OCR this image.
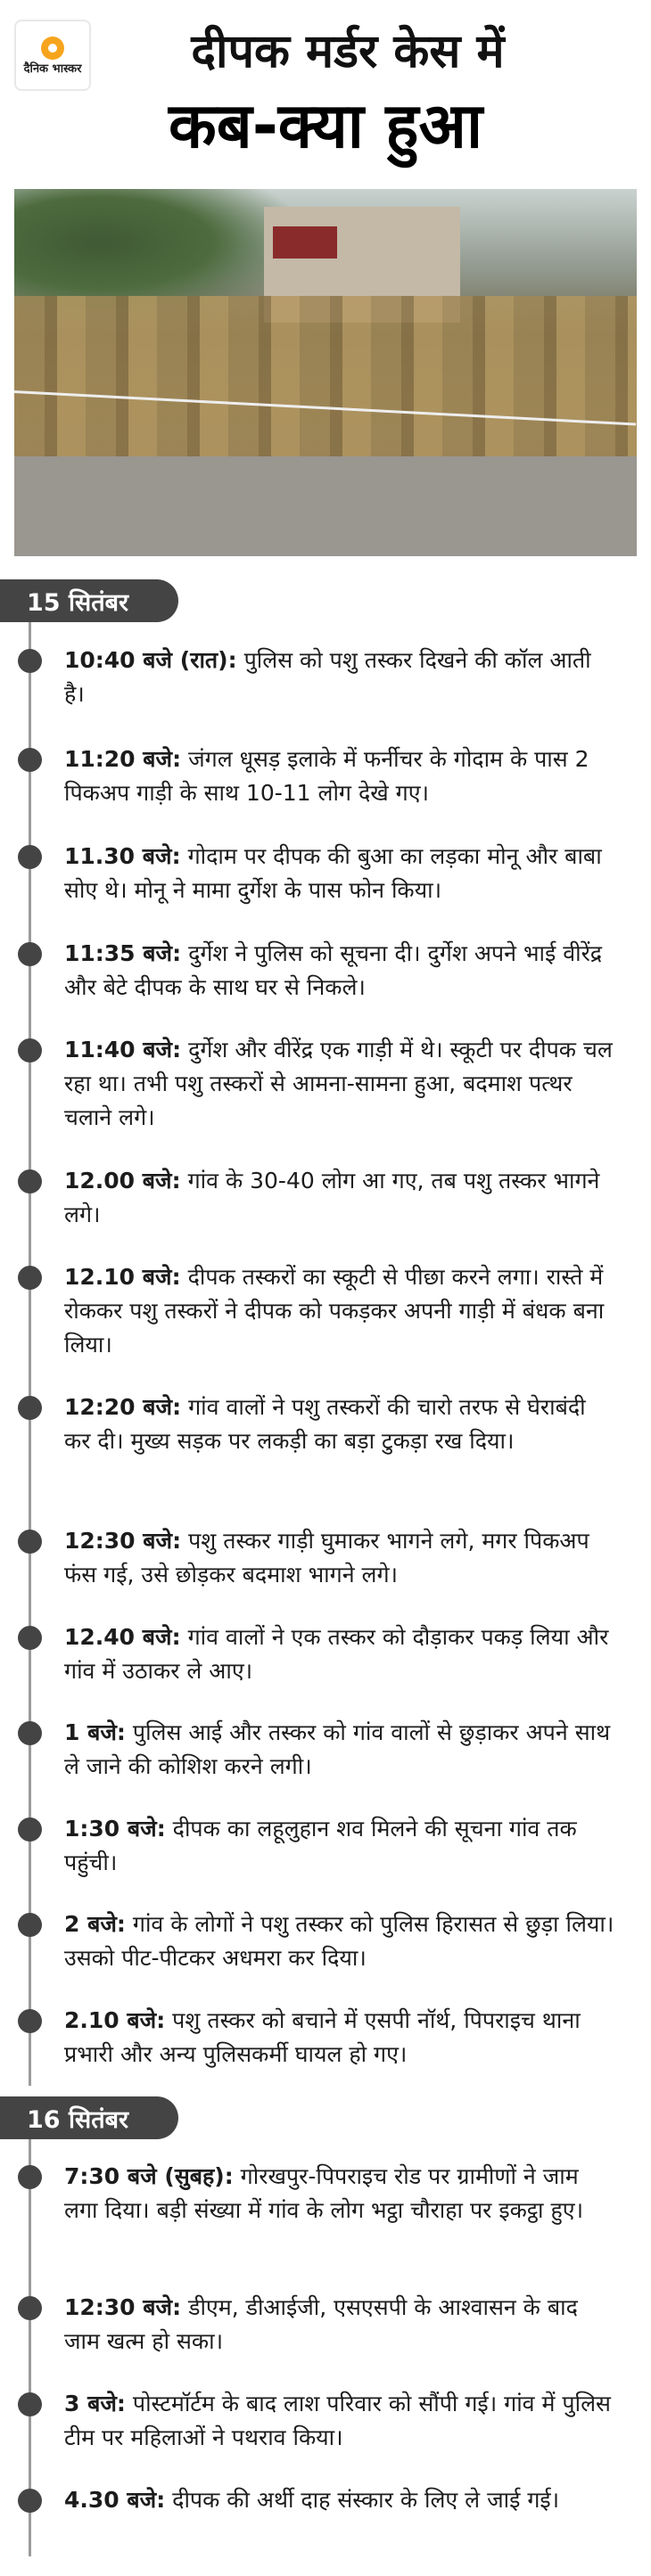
दैनिक भास्कर	दीपक मर्डर केस में
कब-क्या हुआ
15 सितंबर
10:40 बजे (रात): पुलिस को पशु तस्कर दिखने की कॉल आती है।
11:20 बजे: जंगल धूसड़ इलाके में फर्नीचर के गोदाम के पास 2 पिकअप गाड़ी के साथ 10-11 लोग देखे गए।
11.30 बजे: गोदाम पर दीपक की बुआ का लड़का मोनू और बाबा सोए थे। मोनू ने मामा दुर्गेश के पास फोन किया।
11:35 बजे: दुर्गेश ने पुलिस को सूचना दी। दुर्गेश अपने भाई वीरेंद्र और बेटे दीपक के साथ घर से निकले।
11:40 बजे: दुर्गेश और वीरेंद्र एक गाड़ी में थे। स्कूटी पर दीपक चल रहा था। तभी पशु तस्करों से आमना-सामना हुआ, बदमाश पत्थर चलाने लगे।
12.00 बजे: गांव के 30-40 लोग आ गए, तब पशु तस्कर भागने लगे।
12.10 बजे: दीपक तस्करों का स्कूटी से पीछा करने लगा। रास्ते में रोककर पशु तस्करों ने दीपक को पकड़कर अपनी गाड़ी में बंधक बना लिया।
12:20 बजे: गांव वालों ने पशु तस्करों की चारो तरफ से घेराबंदी कर दी। मुख्य सड़क पर लकड़ी का बड़ा टुकड़ा रख दिया।
12:30 बजे: पशु तस्कर गाड़ी घुमाकर भागने लगे, मगर पिकअप फंस गई, उसे छोड़कर बदमाश भागने लगे।
12.40 बजे: गांव वालों ने एक तस्कर को दौड़ाकर पकड़ लिया और गांव में उठाकर ले आए।
1 बजे: पुलिस आई और तस्कर को गांव वालों से छुड़ाकर अपने साथ ले जाने की कोशिश करने लगी।
1:30 बजे: दीपक का लहूलुहान शव मिलने की सूचना गांव तक पहुंची।
2 बजे: गांव के लोगों ने पशु तस्कर को पुलिस हिरासत से छुड़ा लिया। उसको पीट-पीटकर अधमरा कर दिया।
2.10 बजे: पशु तस्कर को बचाने में एसपी नॉर्थ, पिपराइच थाना प्रभारी और अन्य पुलिसकर्मी घायल हो गए।
16 सितंबर
7:30 बजे (सुबह): गोरखपुर-पिपराइच रोड पर ग्रामीणों ने जाम लगा दिया। बड़ी संख्या में गांव के लोग भट्ठा चौराहा पर इकट्ठा हुए।
12:30 बजे: डीएम, डीआईजी, एसएसपी के आश्वासन के बाद जाम खत्म हो सका।
3 बजे: पोस्टमॉर्टम के बाद लाश परिवार को सौंपी गई। गांव में पुलिस टीम पर महिलाओं ने पथराव किया।
4.30 बजे: दीपक की अर्थी दाह संस्कार के लिए ले जाई गई।
